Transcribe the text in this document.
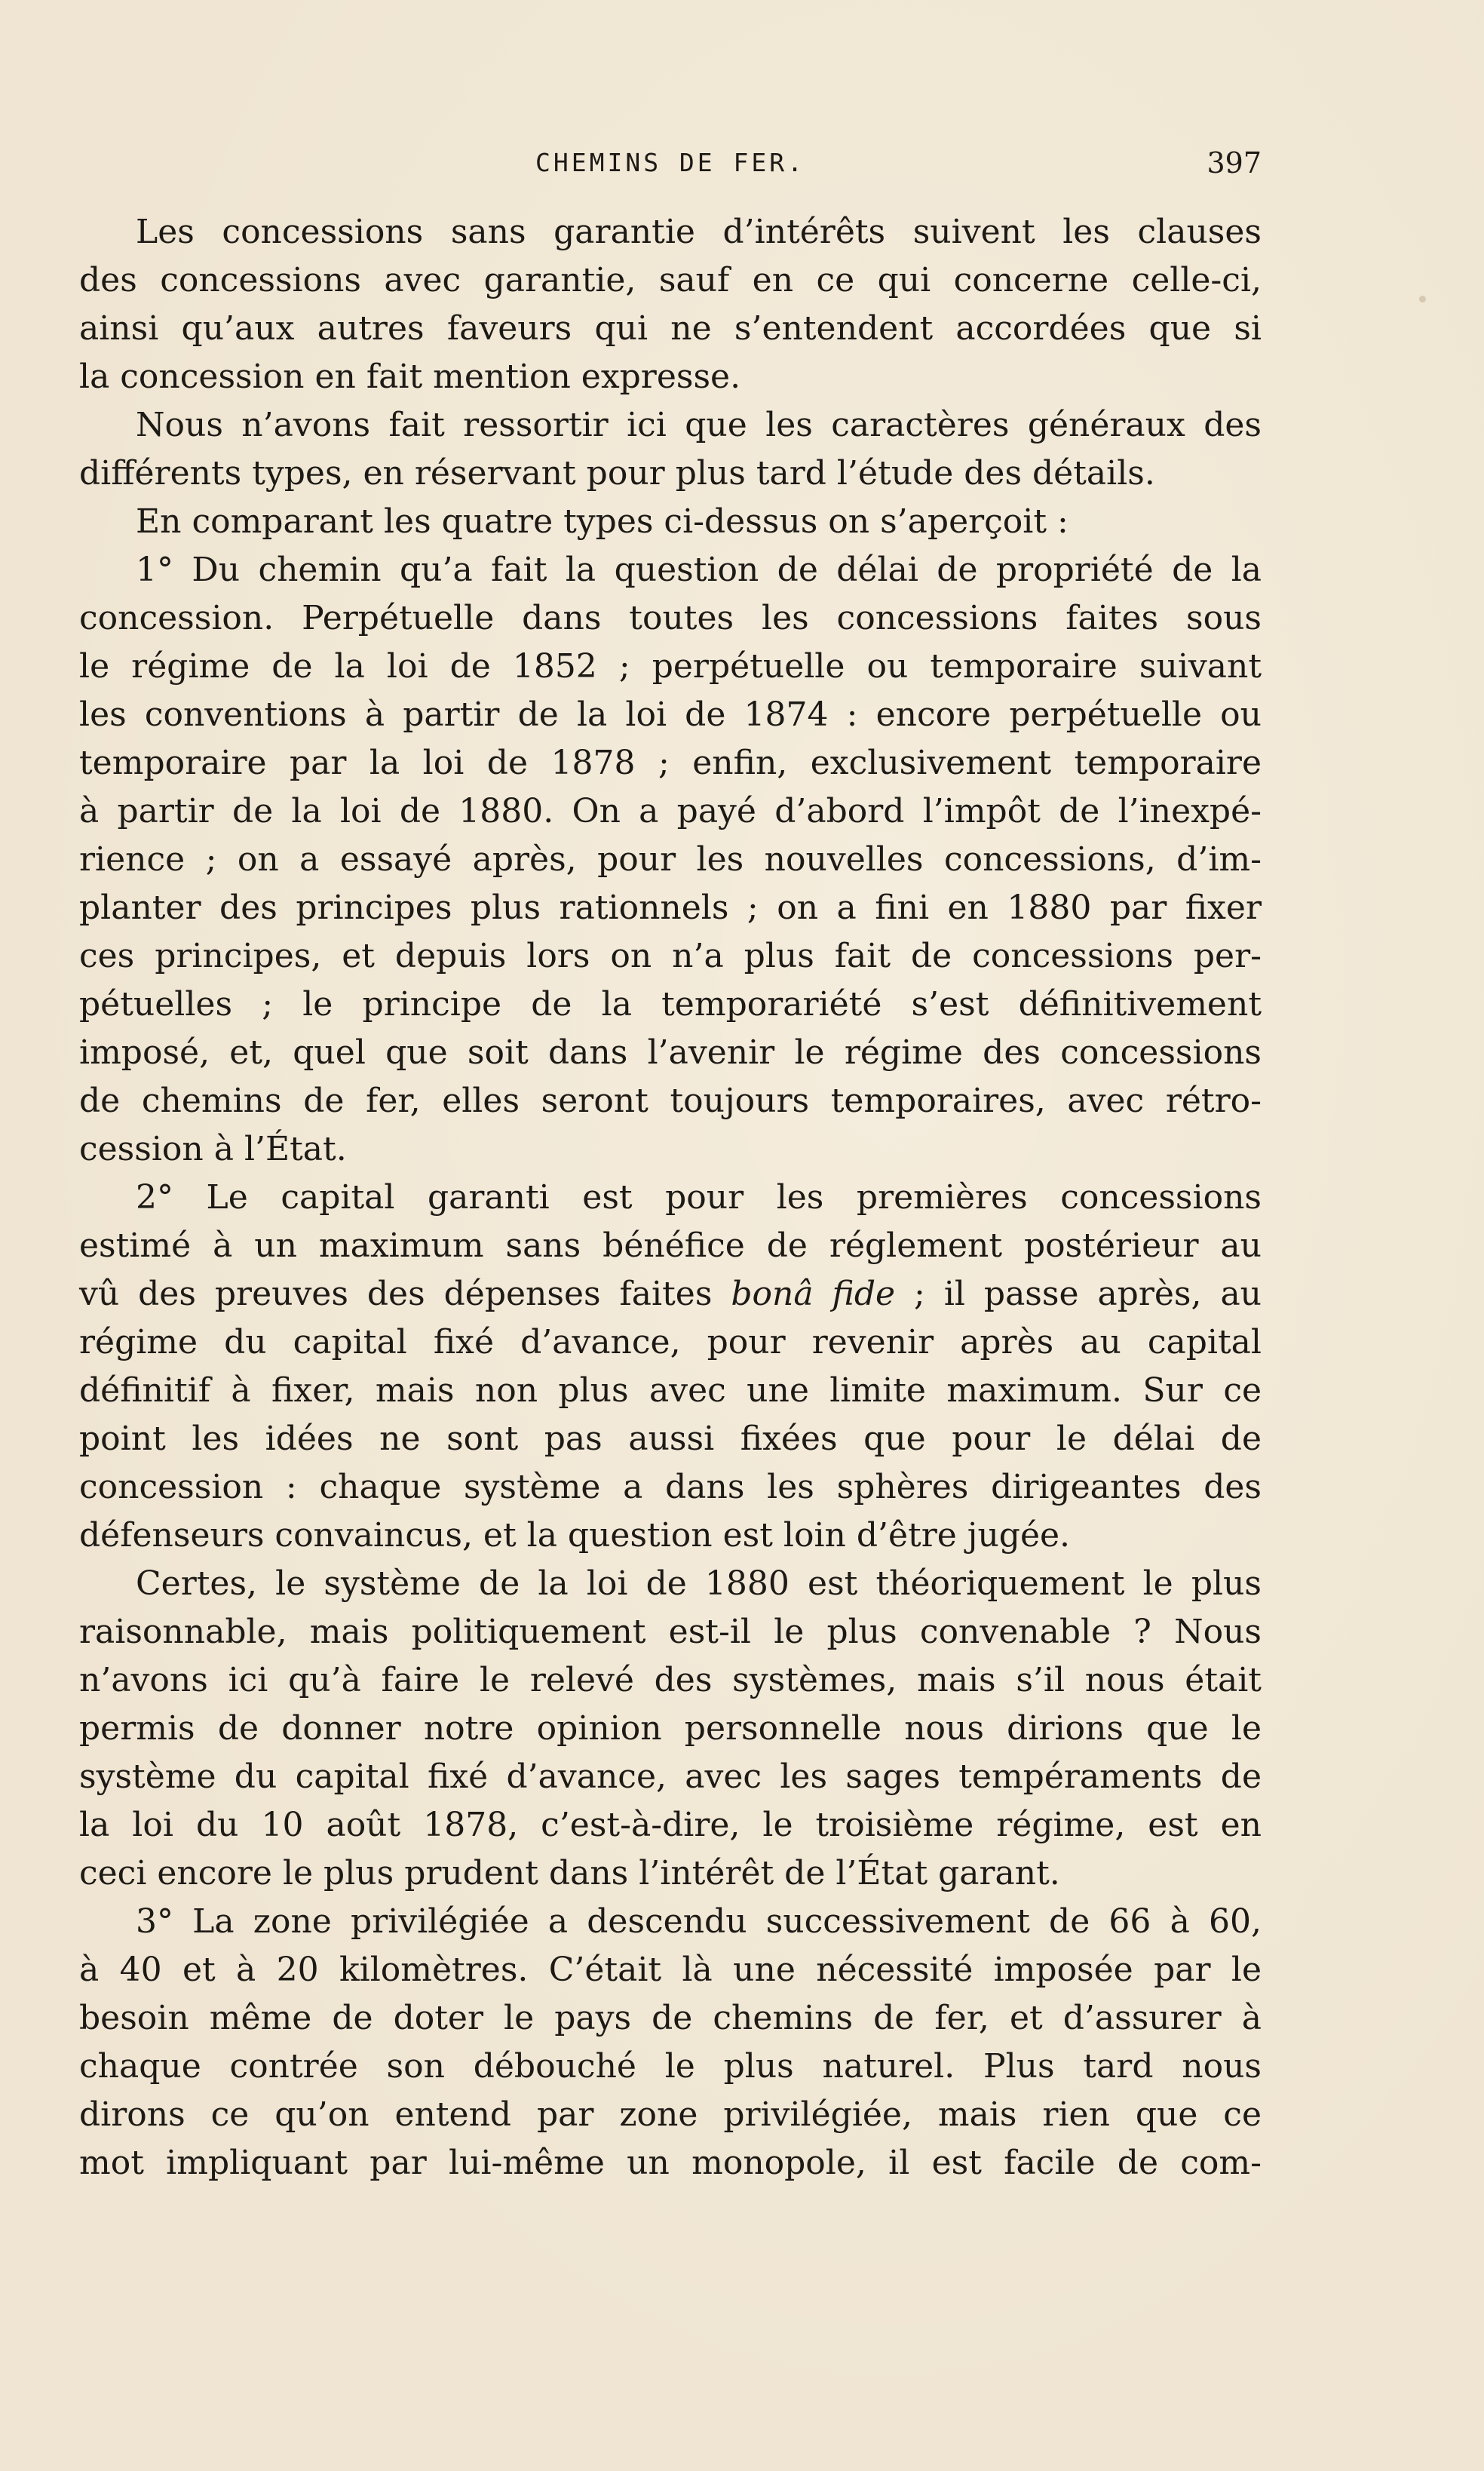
CHEMINS DE FER.	397
Les concessions sans garantie d’intérêts suivent les clauses
des concessions avec garantie, sauf en ce qui concerne celle-ci,
ainsi qu’aux autres faveurs qui ne s’entendent accordées que si
la concession en fait mention expresse.
Nous n’avons fait ressortir ici que les caractères généraux des
différents types, en réservant pour plus tard l’étude des détails.
En comparant les quatre types ci-dessus on s’aperçoit :
1° Du chemin qu’a fait la question de délai de propriété de la
concession. Perpétuelle dans toutes les concessions faites sous
le régime de la loi de 1852 ; perpétuelle ou temporaire suivant
les conventions à partir de la loi de 1874 : encore perpétuelle ou
temporaire par la loi de 1878 ; enfin, exclusivement temporaire
à partir de la loi de 1880. On a payé d’abord l’impôt de l’inexpé-
rience ; on a essayé après, pour les nouvelles concessions, d’im-
planter des principes plus rationnels ; on a fini en 1880 par fixer
ces principes, et depuis lors on n’a plus fait de concessions per-
pétuelles ; le principe de la temporariété s’est définitivement
imposé, et, quel que soit dans l’avenir le régime des concessions
de chemins de fer, elles seront toujours temporaires, avec rétro-
cession à l’État.
2° Le capital garanti est pour les premières concessions
estimé à un maximum sans bénéfice de réglement postérieur au
vû des preuves des dépenses faites bonâ fide ; il passe après, au
régime du capital fixé d’avance, pour revenir après au capital
définitif à fixer, mais non plus avec une limite maximum. Sur ce
point les idées ne sont pas aussi fixées que pour le délai de
concession : chaque système a dans les sphères dirigeantes des
défenseurs convaincus, et la question est loin d’être jugée.
Certes, le système de la loi de 1880 est théoriquement le plus
raisonnable, mais politiquement est-il le plus convenable ? Nous
n’avons ici qu’à faire le relevé des systèmes, mais s’il nous était
permis de donner notre opinion personnelle nous dirions que le
système du capital fixé d’avance, avec les sages tempéraments de
la loi du 10 août 1878, c’est-à-dire, le troisième régime, est en
ceci encore le plus prudent dans l’intérêt de l’État garant.
3° La zone privilégiée a descendu successivement de 66 à 60,
à 40 et à 20 kilomètres. C’était là une nécessité imposée par le
besoin même de doter le pays de chemins de fer, et d’assurer à
chaque contrée son débouché le plus naturel. Plus tard nous
dirons ce qu’on entend par zone privilégiée, mais rien que ce
mot impliquant par lui-même un monopole, il est facile de com-
